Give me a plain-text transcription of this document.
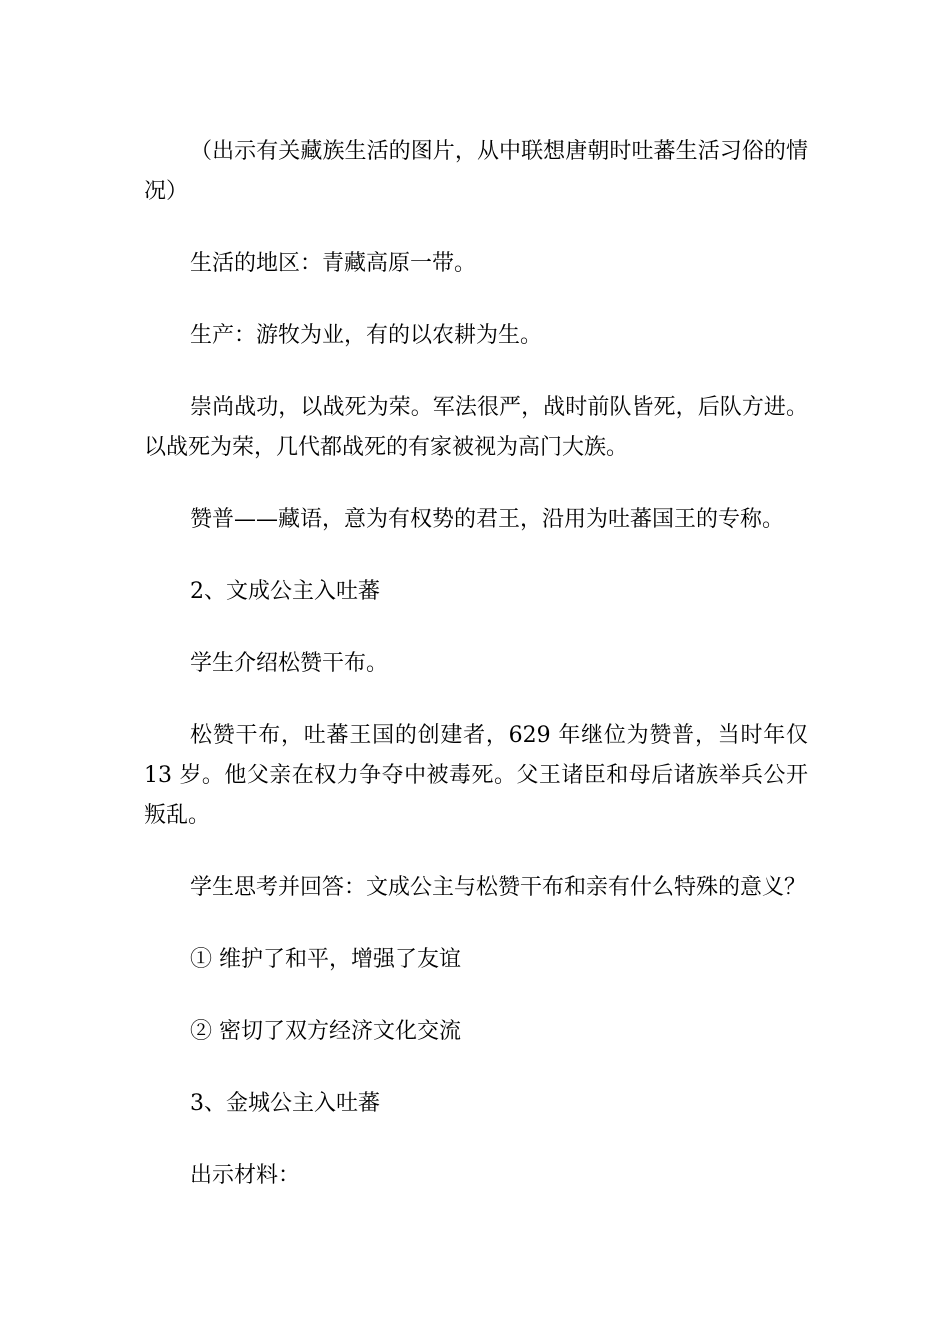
（出示有关藏族生活的图片，从中联想唐朝时吐蕃生活习俗的情况）

生活的地区：青藏高原一带。

生产：游牧为业，有的以农耕为生。

崇尚战功，以战死为荣。军法很严，战时前队皆死，后队方进。以战死为荣，几代都战死的有家被视为高门大族。

赞普——藏语，意为有权势的君王，沿用为吐蕃国王的专称。

2、文成公主入吐蕃

学生介绍松赞干布。

松赞干布，吐蕃王国的创建者，629 年继位为赞普，当时年仅 13 岁。他父亲在权力争夺中被毒死。父王诸臣和母后诸族举兵公开叛乱。

学生思考并回答：文成公主与松赞干布和亲有什么特殊的意义？

① 维护了和平，增强了友谊

② 密切了双方经济文化交流

3、金城公主入吐蕃

出示材料：
